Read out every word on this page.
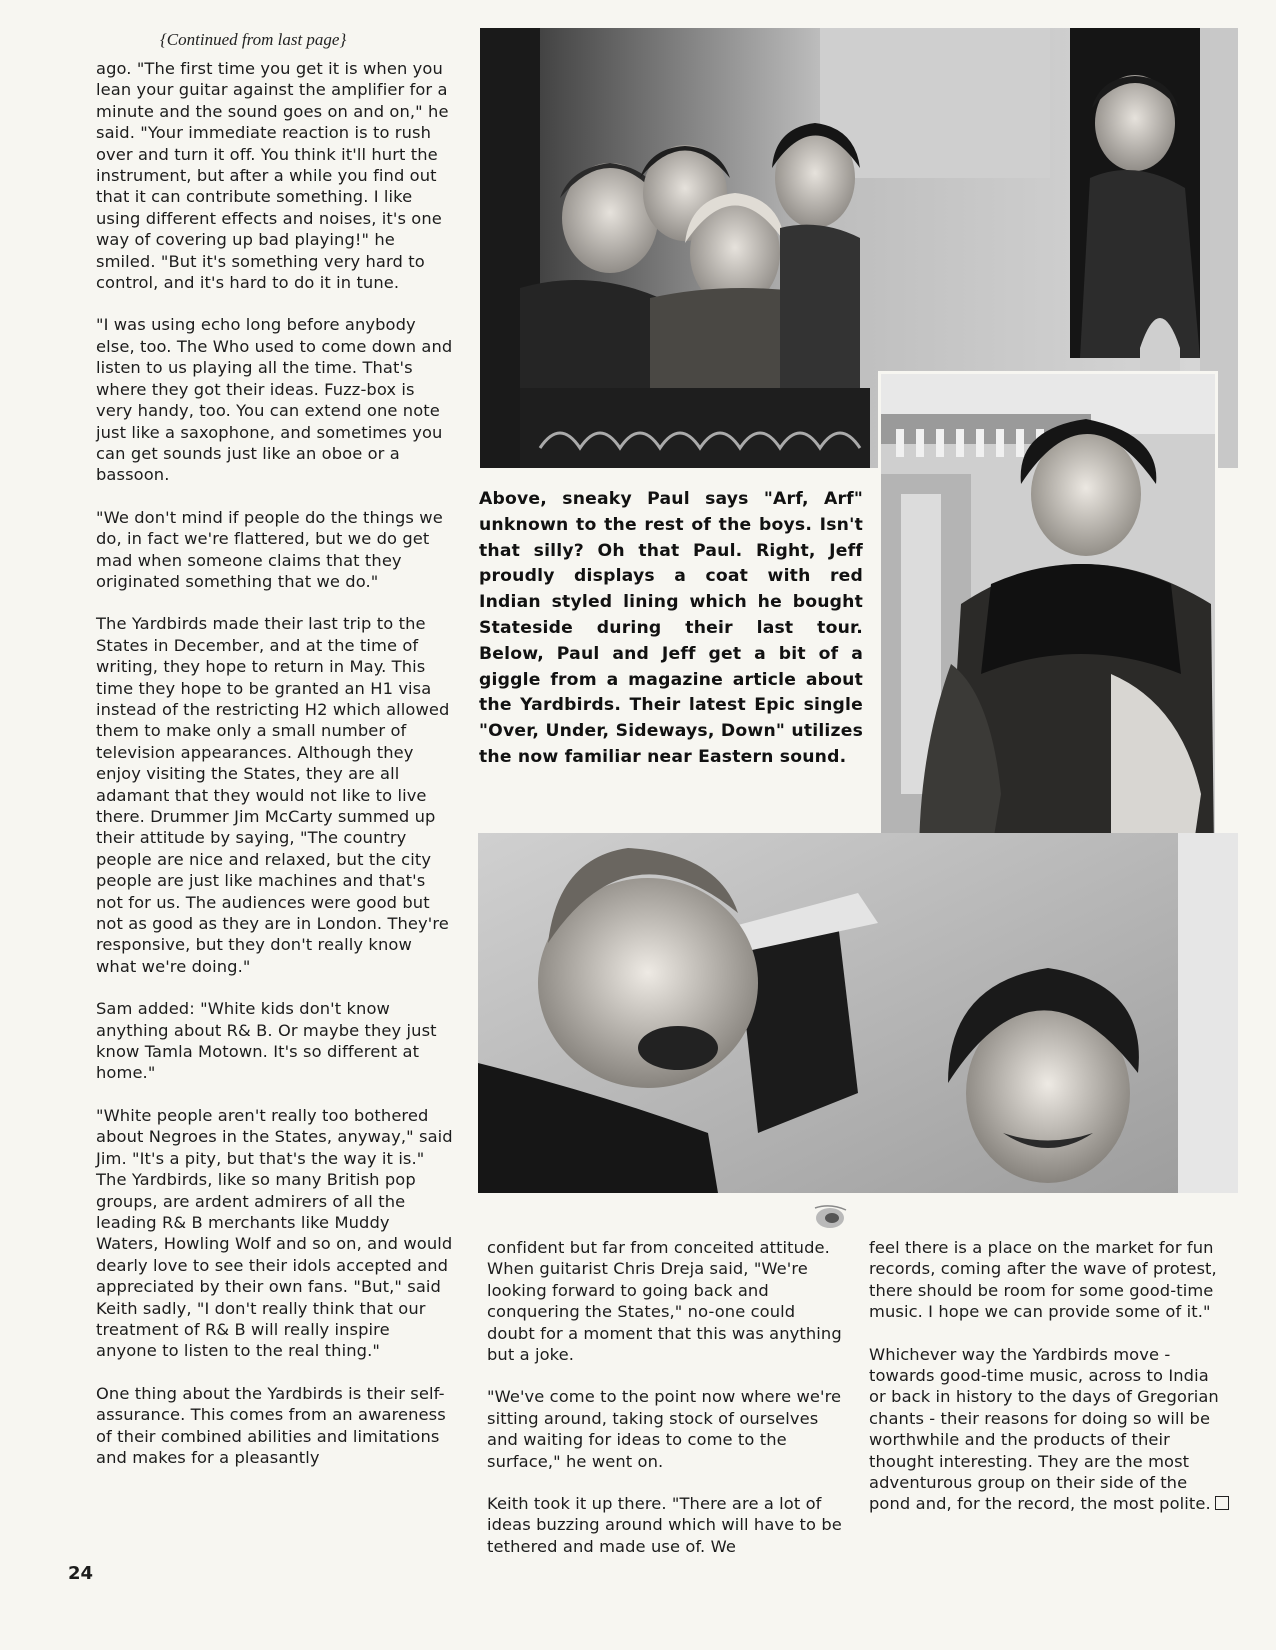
{Continued from last page}

ago. "The first time you get it is when you lean your guitar against the amplifier for a minute and the sound goes on and on," he said. "Your immediate reaction is to rush over and turn it off. You think it'll hurt the instrument, but after a while you find out that it can contribute something. I like using different effects and noises, it's one way of covering up bad playing!" he smiled. "But it's something very hard to control, and it's hard to do it in tune.

"I was using echo long before anybody else, too. The Who used to come down and listen to us playing all the time. That's where they got their ideas. Fuzz-box is very handy, too. You can extend one note just like a saxophone, and sometimes you can get sounds just like an oboe or a bassoon.

"We don't mind if people do the things we do, in fact we're flattered, but we do get mad when someone claims that they originated something that we do."

The Yardbirds made their last trip to the States in December, and at the time of writing, they hope to return in May. This time they hope to be granted an H1 visa instead of the restricting H2 which allowed them to make only a small number of television appearances. Although they enjoy visiting the States, they are all adamant that they would not like to live there. Drummer Jim McCarty summed up their attitude by saying, "The country people are nice and relaxed, but the city people are just like machines and that's not for us. The audiences were good but not as good as they are in London. They're responsive, but they don't really know what we're doing."

Sam added: "White kids don't know anything about R& B. Or maybe they just know Tamla Motown. It's so different at home."

"White people aren't really too bothered about Negroes in the States, anyway," said Jim. "It's a pity, but that's the way it is."

The Yardbirds, like so many British pop groups, are ardent admirers of all the leading R& B merchants like Muddy Waters, Howling Wolf and so on, and would dearly love to see their idols accepted and appreciated by their own fans. "But," said Keith sadly, "I don't really think that our treatment of R& B will really inspire anyone to listen to the real thing."

One thing about the Yardbirds is their self-assurance. This comes from an awareness of their combined abilities and limitations and makes for a pleasantly

Above, sneaky Paul says "Arf, Arf" unknown to the rest of the boys. Isn't that silly? Oh that Paul. Right, Jeff proudly displays a coat with red Indian styled lining which he bought Stateside during their last tour. Below, Paul and Jeff get a bit of a giggle from a magazine article about the Yardbirds. Their latest Epic single "Over, Under, Sideways, Down" utilizes the now familiar near Eastern sound.

confident but far from conceited attitude. When guitarist Chris Dreja said, "We're looking forward to going back and conquering the States," no-one could doubt for a moment that this was anything but a joke.

"We've come to the point now where we're sitting around, taking stock of ourselves and waiting for ideas to come to the surface," he went on.

Keith took it up there. "There are a lot of ideas buzzing around which will have to be tethered and made use of. We

feel there is a place on the market for fun records, coming after the wave of protest, there should be room for some good-time music. I hope we can provide some of it."

Whichever way the Yardbirds move - towards good-time music, across to India or back in history to the days of Gregorian chants - their reasons for doing so will be worthwhile and the products of their thought interesting. They are the most adventurous group on their side of the pond and, for the record, the most polite.

24
